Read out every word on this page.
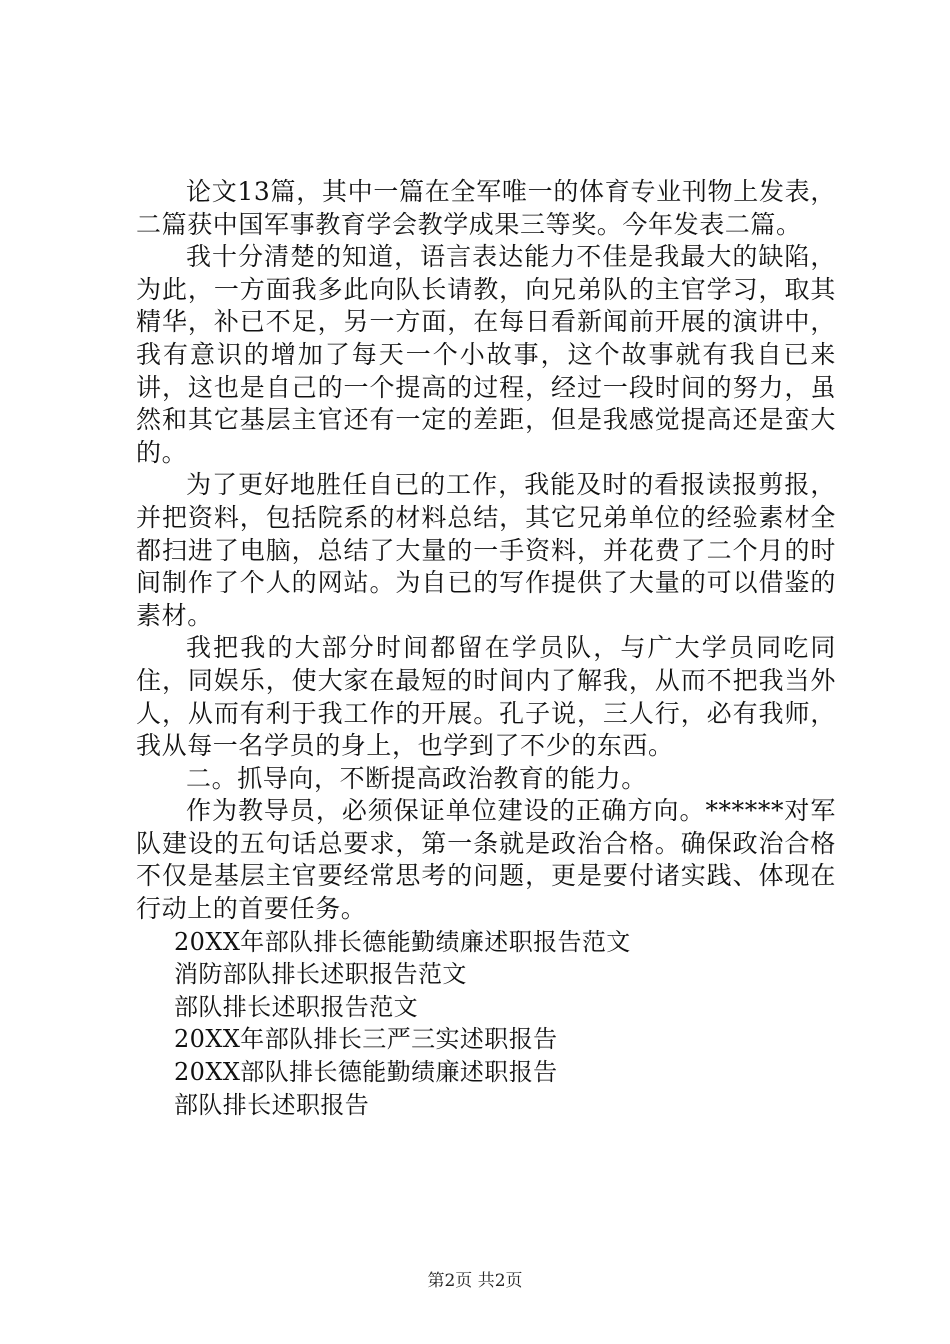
论文13篇，其中一篇在全军唯一的体育专业刊物上发表，二篇获中国军事教育学会教学成果三等奖。今年发表二篇。

我十分清楚的知道，语言表达能力不佳是我最大的缺陷，为此，一方面我多此向队长请教，向兄弟队的主官学习，取其精华，补已不足，另一方面，在每日看新闻前开展的演讲中，我有意识的增加了每天一个小故事，这个故事就有我自已来讲，这也是自己的一个提高的过程，经过一段时间的努力，虽然和其它基层主官还有一定的差距，但是我感觉提高还是蛮大的。

为了更好地胜任自已的工作，我能及时的看报读报剪报，并把资料，包括院系的材料总结，其它兄弟单位的经验素材全都扫进了电脑，总结了大量的一手资料，并花费了二个月的时间制作了个人的网站。为自已的写作提供了大量的可以借鉴的素材。

我把我的大部分时间都留在学员队，与广大学员同吃同住，同娱乐，使大家在最短的时间内了解我，从而不把我当外人，从而有利于我工作的开展。孔子说，三人行，必有我师，我从每一名学员的身上，也学到了不少的东西。

二。抓导向，不断提高政治教育的能力。

作为教导员，必须保证单位建设的正确方向。******对军队建设的五句话总要求，第一条就是政治合格。确保政治合格不仅是基层主官要经常思考的问题，更是要付诸实践、体现在行动上的首要任务。

20XX年部队排长德能勤绩廉述职报告范文
消防部队排长述职报告范文
部队排长述职报告范文
20XX年部队排长三严三实述职报告
20XX部队排长德能勤绩廉述职报告
部队排长述职报告
第2页 共2页
